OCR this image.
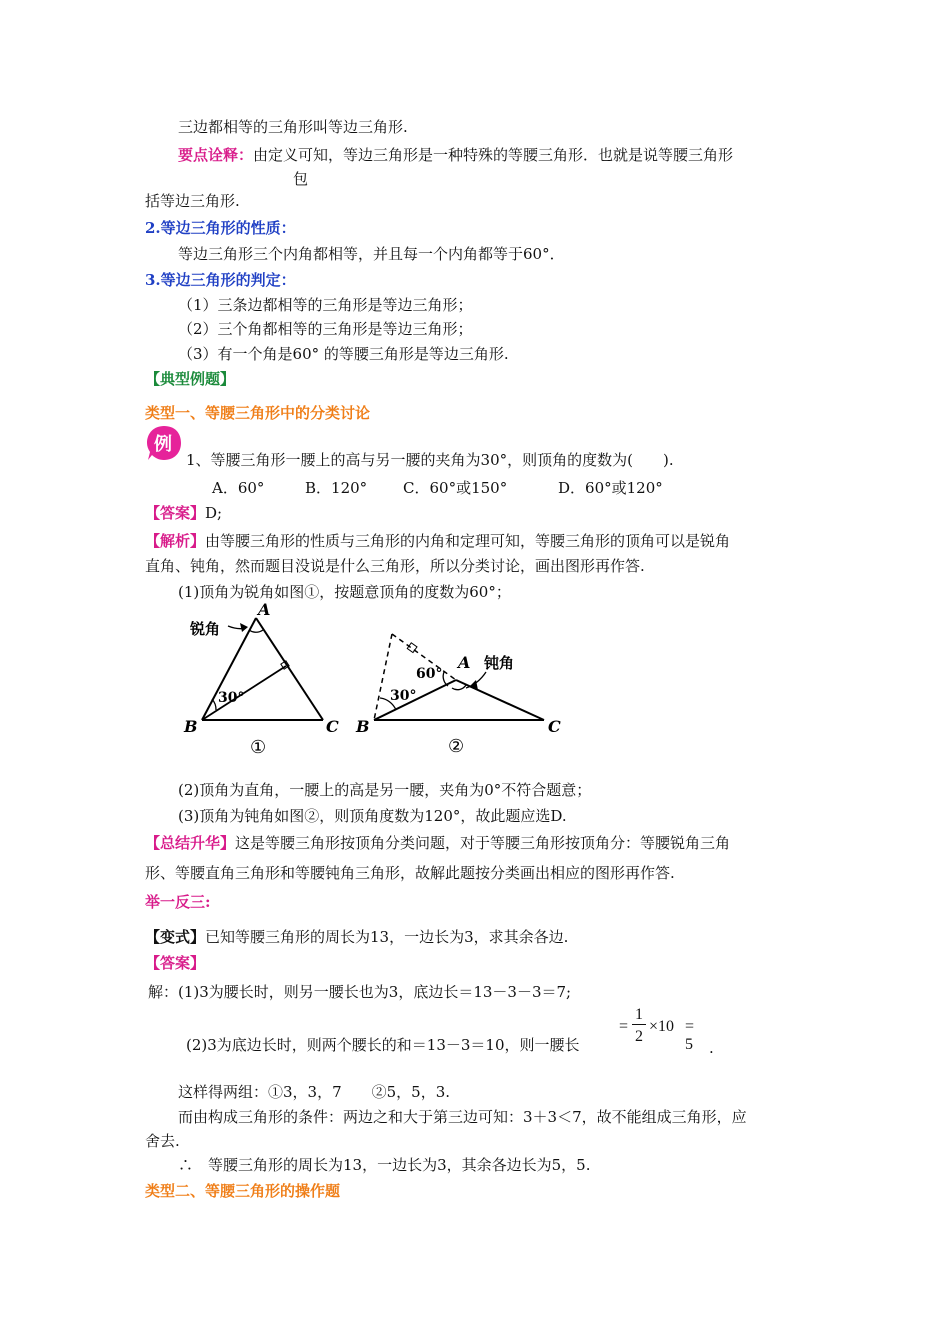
三边都相等的三角形叫等边三角形.
要点诠释：由定义可知，等边三角形是一种特殊的等腰三角形．也就是说等腰三角形
包
括等边三角形.
2.等边三角形的性质：
等边三角形三个内角都相等，并且每一个内角都等于60°．
3.等边三角形的判定：
（1）三条边都相等的三角形是等边三角形；
（2）三个角都相等的三角形是等边三角形；
（3）有一个角是60° 的等腰三角形是等边三角形.
【典型例题】
类型一、等腰三角形中的分类讨论
例
1、等腰三角形一腰上的高与另一腰的夹角为30°，则顶角的度数为(　　).
A．60°	B．120° C．60°或150°	D．60°或120°
【答案】D;
【解析】由等腰三角形的性质与三角形的内角和定理可知，等腰三角形的顶角可以是锐角
直角、钝角，然而题目没说是什么三角形，所以分类讨论，画出图形再作答.
(1)顶角为锐角如图①，按题意顶角的度数为60°；
A
B	C
30°
锐角
①
A
B	C
30°
60°
钝角
②
(2)顶角为直角，一腰上的高是另一腰，夹角为0°不符合题意；
(3)顶角为钝角如图②，则顶角度数为120°，故此题应选D.
【总结升华】这是等腰三角形按顶角分类问题，对于等腰三角形按顶角分：等腰锐角三角
形、等腰直角三角形和等腰钝角三角形，故解此题按分类画出相应的图形再作答.
举一反三:
【变式】已知等腰三角形的周长为13，一边长为3，求其余各边.
【答案】
解：(1)3为腰长时，则另一腰长也为3，底边长＝13－3－3＝7;
(2)3为底边长时，则两个腰长的和＝13－3＝10，则一腰长
=
1
2
×10 = 5 .
这样得两组：①3，3，7　　②5，5，3.
而由构成三角形的条件：两边之和大于第三边可知：3＋3＜7，故不能组成三角形，应
舍去.
∴　等腰三角形的周长为13，一边长为3，其余各边长为5，5.
类型二、等腰三角形的操作题
